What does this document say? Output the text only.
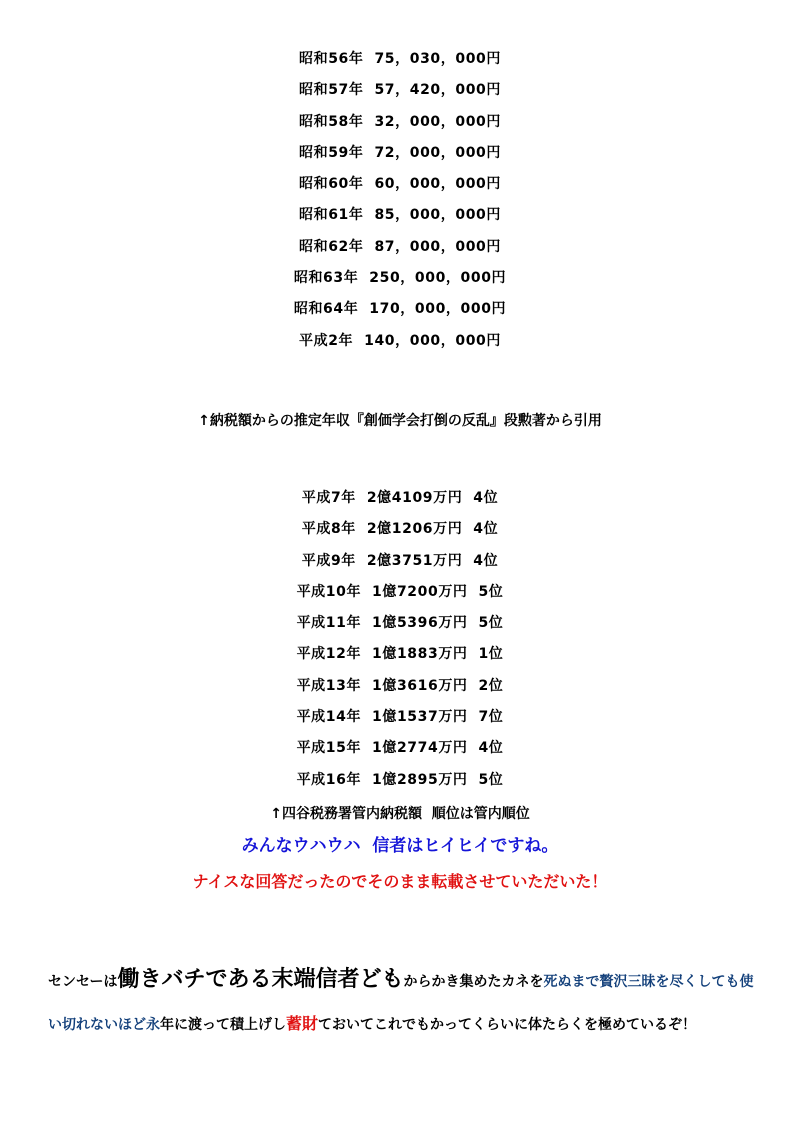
昭和56年  75，030，000円
昭和57年  57，420，000円
昭和58年  32，000，000円
昭和59年  72，000，000円
昭和60年  60，000，000円
昭和61年  85，000，000円
昭和62年  87，000，000円
昭和63年  250，000，000円
昭和64年  170，000，000円
平成2年  140，000，000円
↑納税額からの推定年収『創価学会打倒の反乱』段勲著から引用
平成7年  2億4109万円  4位
平成8年  2億1206万円  4位
平成9年  2億3751万円  4位
平成10年  1億7200万円  5位
平成11年  1億5396万円  5位
平成12年  1億1883万円  1位
平成13年  1億3616万円  2位
平成14年  1億1537万円  7位
平成15年  1億2774万円  4位
平成16年  1億2895万円  5位
↑四谷税務署管内納税額  順位は管内順位
みんなウハウハ  信者はヒイヒイですね。
ナイスな回答だったのでそのまま転載させていただいた！

センセーは働きバチである末端信者どもからかき集めたカネを死ぬまで贅沢三昧を尽くしても使い切れないほど永年に渡って積上げし蓄財ておいてこれでもかってくらいに体たらくを極めているぞ！
